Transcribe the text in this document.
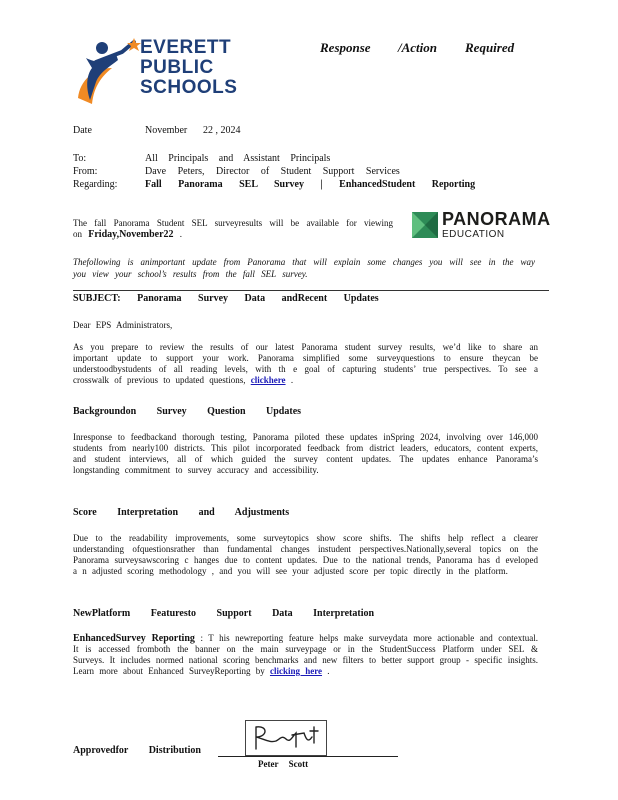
EVERETT
PUBLIC
SCHOOLS
Response /Action Required
Date	November 22 , 2024
To:	All Principals and Assistant Principals
From:	Dave Peters, Director of Student Support Services
Regarding:	Fall Panorama SEL Survey | EnhancedStudent Reporting
The fall Panorama Student SEL surveyresults will be available for viewing on Friday,November22 .
PANORAMA
EDUCATION

Thefollowing is animportant update from Panorama that will explain some changes you will see in the way you view your school’s results from the fall SEL survey.

SUBJECT: Panorama Survey Data andRecent Updates
Dear EPS Administrators,
As you prepare to review the results of our latest Panorama student survey results, we’d like to share an important update to support your work. Panorama simplified some surveyquestions to ensure theycan be understoodbystudents of all reading levels, with th e goal of capturing students’ true perspectives. To see a crosswalk of previous to updated questions, clickhere .
Backgroundon Survey Question Updates

Inresponse to feedbackand thorough testing, Panorama piloted these updates inSpring 2024, involving over 146,000 students from nearly100 districts. This pilot incorporated feedback from district leaders, educators, content experts, and student interviews, all of which guided the survey content updates. The updates enhance Panorama’s longstanding commitment to survey accuracy and accessibility.

Score Interpretation and Adjustments

Due to the readability improvements, some surveytopics show score shifts. The shifts help reflect a clearer understanding ofquestionsrather than fundamental changes instudent perspectives.Nationally,several topics on the Panorama surveysawscoring c hanges due to content updates. Due to the national trends, Panorama has d eveloped a n adjusted scoring methodology , and you will see your adjusted score per topic directly in the platform.

NewPlatform Featuresto Support Data Interpretation
EnhancedSurvey Reporting : T his newreporting feature helps make surveydata more actionable and contextual. It is accessed fromboth the banner on the main surveypage or in the StudentSuccess Platform under SEL & Surveys. It includes normed national scoring benchmarks and new filters to better support group - specific insights. Learn more about Enhanced SurveyReporting by clicking here .
Approvedfor Distribution
Peter Scott
